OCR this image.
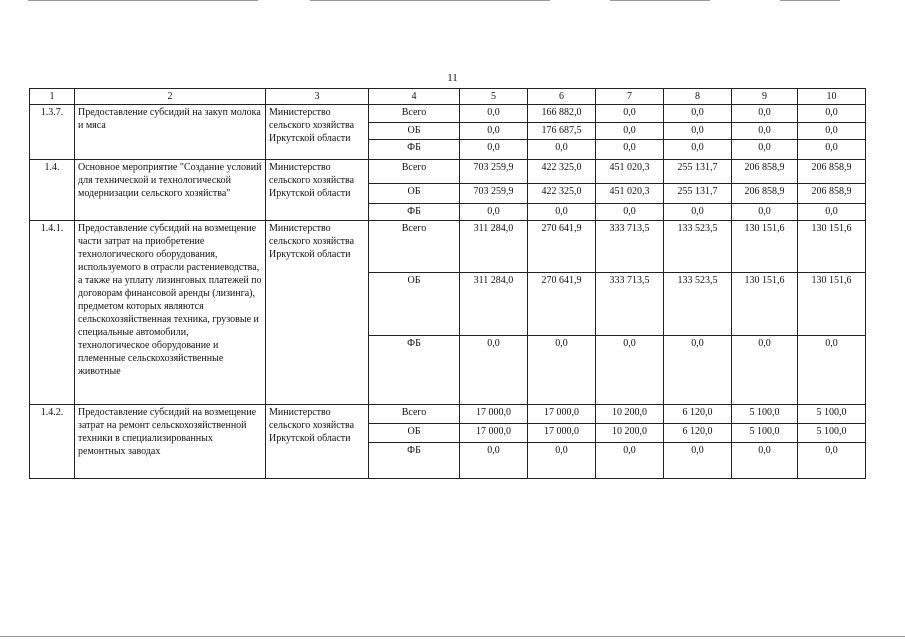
11
1	2	3	4	5	6	7	8	9	10
1.3.7.	Предоставление субсидий на закуп молока и мяса	Министерство сельского хозяйства Иркутской области	Всего	0,0	166 882,0	0,0	0,0	0,0	0,0
			ОБ	0,0	176 687,5	0,0	0,0	0,0	0,0
			ФБ	0,0	0,0	0,0	0,0	0,0	0,0
1.4.	Основное мероприятие "Создание условий для технической и технологической модернизации сельского хозяйства"	Министерство сельского хозяйства Иркутской области	Всего	703 259,9	422 325,0	451 020,3	255 131,7	206 858,9	206 858,9
			ОБ	703 259,9	422 325,0	451 020,3	255 131,7	206 858,9	206 858,9
			ФБ	0,0	0,0	0,0	0,0	0,0	0,0
1.4.1.	Предоставление субсидий на возмещение части затрат на приобретение технологического оборудования, используемого в отрасли растениеводства, а также на уплату лизинговых платежей по договорам финансовой аренды (лизинга), предметом которых являются сельскохозяйственная техника, грузовые и специальные автомобили, технологическое оборудование и племенные сельскохозяйственные животные	Министерство сельского хозяйства Иркутской области	Всего	311 284,0	270 641,9	333 713,5	133 523,5	130 151,6	130 151,6
			ОБ	311 284,0	270 641,9	333 713,5	133 523,5	130 151,6	130 151,6
			ФБ	0,0	0,0	0,0	0,0	0,0	0,0
1.4.2.	Предоставление субсидий на возмещение затрат на ремонт сельскохозяйственной техники в специализированных ремонтных заводах	Министерство сельского хозяйства Иркутской области	Всего	17 000,0	17 000,0	10 200,0	6 120,0	5 100,0	5 100,0
			ОБ	17 000,0	17 000,0	10 200,0	6 120,0	5 100,0	5 100,0
			ФБ	0,0	0,0	0,0	0,0	0,0	0,0
